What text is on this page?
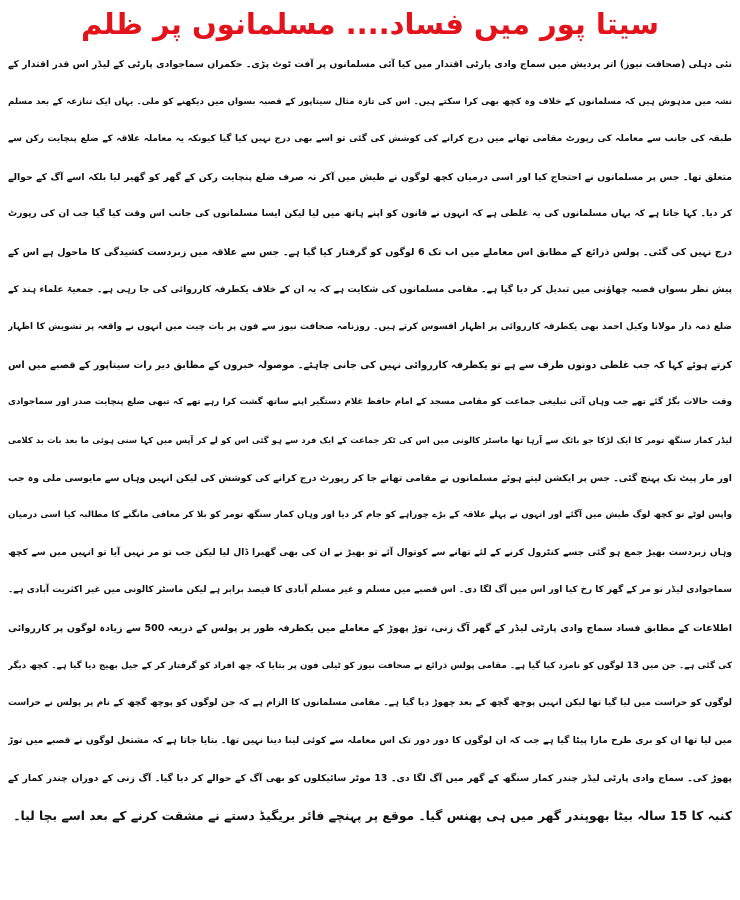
سیتا پور میں فساد.... مسلمانوں پر ظلم
نئی دہلی (صحافت نیوز) اتر پردیش میں سماج وادی پارٹی اقتدار میں کیا آئی مسلمانوں پر آفت ٹوٹ پڑی۔ حکمراں سماجوادی پارٹی کے لیڈر اس قدر اقتدار کے
نشہ میں مدہوش ہیں کہ مسلمانوں کے خلاف وہ کچھ بھی کرا سکتے ہیں۔ اس کی تازہ مثال سیتاپور کے قصبہ بسواں میں دیکھنے کو ملی۔ یہاں ایک تنازعہ کے بعد مسلم
طبقہ کی جانب سے معاملہ کی رپورٹ مقامی تھانے میں درج کرانے کی کوشش کی گئی تو اسے بھی درج نہیں کیا گیا کیونکہ یہ معاملہ علاقہ کے ضلع پنچایت رکن سے
متعلق تھا۔ جس پر مسلمانوں نے احتجاج کیا اور اسی درمیان کچھ لوگوں نے طیش میں آکر نہ صرف ضلع پنچایت رکن کے گھر کو گھیر لیا بلکہ اسے آگ کے حوالے
کر دیا۔ کہا جاتا ہے کہ یہاں مسلمانوں کی یہ غلطی ہے کہ انہوں نے قانون کو اپنے ہاتھ میں لیا لیکن ایسا مسلمانوں کی جانب اس وقت کیا گیا جب ان کی رپورٹ
درج نہیں کی گئی۔ پولس ذرائع کے مطابق اس معاملے میں اب تک 6 لوگوں کو گرفتار کیا گیا ہے۔ جس سے علاقہ میں زبردست کشیدگی کا ماحول ہے اس کے
پیش نظر بسواں قصبہ چھاؤنی میں تبدیل کر دیا گیا ہے۔ مقامی مسلمانوں کی شکایت ہے کہ یہ ان کے خلاف یکطرفہ کارروائی کی جا رہی ہے۔ جمعیۃ علماء ہند کے
ضلع ذمہ دار مولانا وکیل احمد بھی یکطرفہ کارروائی پر اظہار افسوس کرتے ہیں۔ روزنامہ صحافت نیوز سے فون پر بات چیت میں انہوں نے واقعہ پر تشویش کا اظہار
کرتے ہوئے کہا کہ جب غلطی دونوں طرف سے ہے تو یکطرفہ کارروائی نہیں کی جانی چاہئے۔ موصولہ خبروں کے مطابق دیر رات سیتاپور کے قصبے میں اس
وقت حالات بگڑ گئے تھے جب وہاں آئی تبلیغی جماعت کو مقامی مسجد کے امام حافظ غلام دستگیر اپنے ساتھ گشت کرا رہے تھے کہ تبھی ضلع پنچایت صدر اور سماجوادی
لیڈر کمار سنگھ تومر کا ایک لڑکا جو بائک سے آرہا تھا ماسٹر کالونی میں اس کی ٹکر جماعت کے ایک فرد سے ہو گئی اس کو لے کر آپس میں کہا سنی ہوئی ما بعد بات بد کلامی
اور مار پیٹ تک پہنچ گئی۔ جس پر ایکشن لیتے ہوئے مسلمانوں نے مقامی تھانے جا کر رپورٹ درج کرانے کی کوشش کی لیکن انہیں وہاں سے مایوسی ملی وہ جب
واپس لوٹے تو کچھ لوگ طیش میں آگئے اور انہوں نے پہلے علاقہ کے بڑے چوراہے کو جام کر دیا اور وہاں کمار سنگھ تومر کو بلا کر معافی مانگنے کا مطالبہ کیا اسی درمیان
وہاں زبردست بھیڑ جمع ہو گئی جسے کنٹرول کرنے کے لئے تھانے سے کوتوال آئے تو بھیڑ نے ان کی بھی گھیرا ڈال لیا لیکن جب تو مر نہیں آیا تو انہیں میں سے کچھ
سماجوادی لیڈر تو مر کے گھر کا رخ کیا اور اس میں آگ لگا دی۔ اس قصبے میں مسلم و غیر مسلم آبادی کا فیصد برابر ہے لیکن ماسٹر کالونی میں غیر اکثریت آبادی ہے۔
اطلاعات کے مطابق فساد سماج وادی پارٹی لیڈر کے گھر آگ زنی، توڑ پھوڑ کے معاملے میں یکطرفہ طور پر پولس کے ذریعہ 500 سے زیادہ لوگوں پر کارروائی
کی گئی ہے۔ جن میں 13 لوگوں کو نامزد کیا گیا ہے۔ مقامی پولس ذرائع نے صحافت نیوز کو ٹیلی فون پر بتایا کہ چھ افراد کو گرفتار کر کے جیل بھیج دیا گیا ہے۔ کچھ دیگر
لوگوں کو حراست میں لیا گیا تھا لیکن انہیں پوچھ گچھ کے بعد چھوڑ دیا گیا ہے۔ مقامی مسلمانوں کا الزام ہے کہ جن لوگوں کو پوچھ گچھ کے نام پر پولس نے حراست
میں لیا تھا ان کو بری طرح مارا پیٹا گیا ہے جب کہ ان لوگوں کا دور دور تک اس معاملہ سے کوئی لینا دینا نہیں تھا۔ بتایا جاتا ہے کہ مشتعل لوگوں نے قصبے میں توڑ
پھوڑ کی۔ سماج وادی پارٹی لیڈر چندر کمار سنگھ کے گھر میں آگ لگا دی۔ 13 موٹر سائیکلوں کو بھی آگ کے حوالے کر دیا گیا۔ آگ زنی کے دوران چندر کمار کے
کنبہ کا 15 سالہ بیٹا بھوپندر گھر میں ہی پھنس گیا۔ موقع پر پہنچے فائر بریگیڈ دستے نے مشقت کرنے کے بعد اسے بچا لیا۔
